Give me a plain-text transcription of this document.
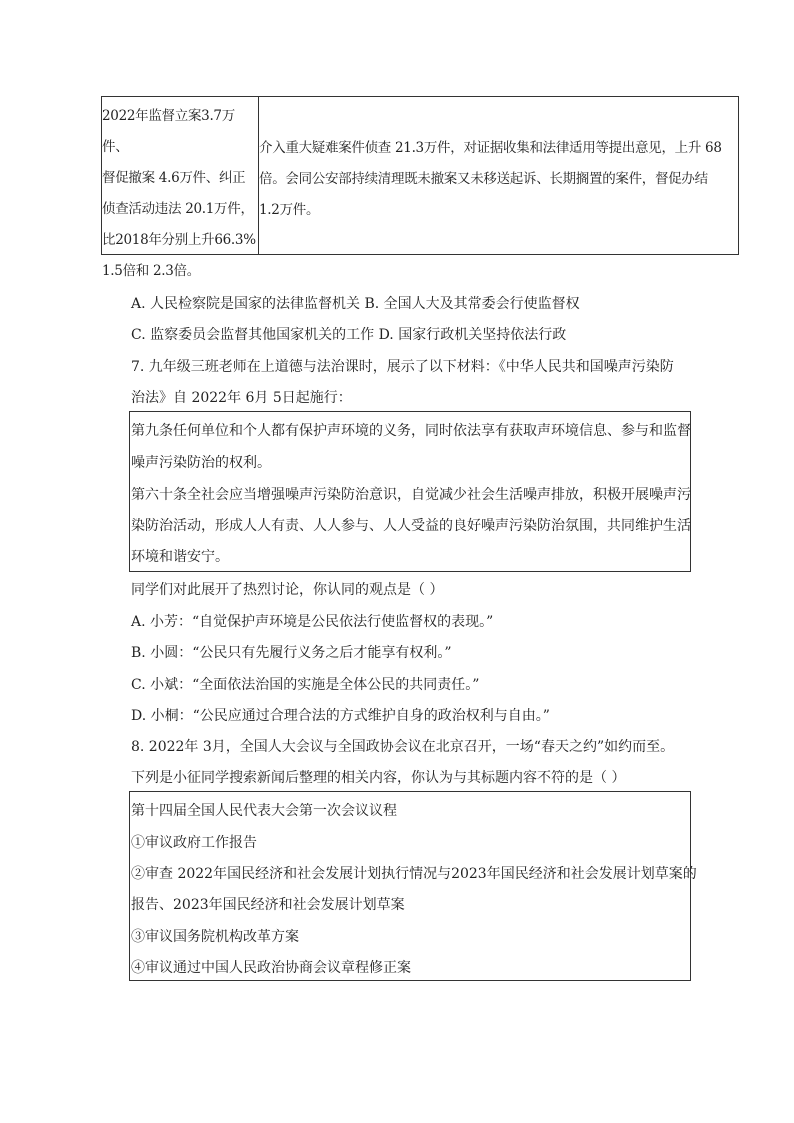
2022年监督立案3.7万件、
督促撤案 4.6万件、纠正
侦查活动违法 20.1万件，
比2018年分别上升66.3%
1.5倍和 2.3倍。
介入重大疑难案件侦查 21.3万件，对证据收集和法律适用等提出意见，上升 68
倍。会同公安部持续清理既未撤案又未移送起诉、长期搁置的案件，督促办结
1.2万件。
A. 人民检察院是国家的法律监督机关 B. 全国人大及其常委会行使监督权
C. 监察委员会监督其他国家机关的工作 D. 国家行政机关坚持依法行政
7. 九年级三班老师在上道德与法治课时，展示了以下材料：《中华人民共和国噪声污染防
治法》自 2022年 6月 5日起施行：
第九条任何单位和个人都有保护声环境的义务，同时依法享有获取声环境信息、参与和监督
噪声污染防治的权利。
第六十条全社会应当增强噪声污染防治意识，自觉减少社会生活噪声排放，积极开展噪声污
染防治活动，形成人人有责、人人参与、人人受益的良好噪声污染防治氛围，共同维护生活
环境和谐安宁。
同学们对此展开了热烈讨论，你认同的观点是（ ）
A. 小芳：“自觉保护声环境是公民依法行使监督权的表现。”
B. 小圆：“公民只有先履行义务之后才能享有权利。”
C. 小斌：“全面依法治国的实施是全体公民的共同责任。”
D. 小桐：“公民应通过合理合法的方式维护自身的政治权利与自由。”
8. 2022年 3月，全国人大会议与全国政协会议在北京召开，一场“春天之约”如约而至。
下列是小征同学搜索新闻后整理的相关内容，你认为与其标题内容不符的是（ ）
第十四届全国人民代表大会第一次会议议程
①审议政府工作报告
②审查 2022年国民经济和社会发展计划执行情况与2023年国民经济和社会发展计划草案的
报告、2023年国民经济和社会发展计划草案
③审议国务院机构改革方案
④审议通过中国人民政治协商会议章程修正案
